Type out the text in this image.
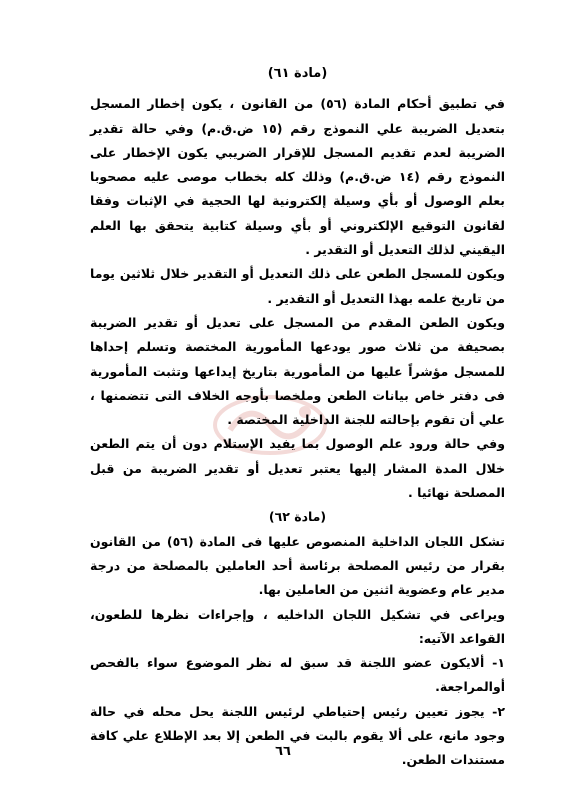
(مادة ٦١)

في تطبيق أحكام المادة (٥٦) من القانون ، يكون إخطار المسجل بتعديل الضريبة علي النموذج رقم (١٥ ض.ق.م) وفي حالة تقدير الضريبة لعدم تقديم المسجل للإقرار الضريبي يكون الإخطار على النموذج رقم (١٤ ض.ق.م) وذلك كله بخطاب موصى عليه مصحوبا بعلم الوصول أو بأي وسيلة إلكترونية لها الحجية في الإثبات وفقا لقانون التوقيع الإلكتروني أو بأي وسيلة كتابية يتحقق بها العلم اليقيني لذلك التعديل أو التقدير .

ويكون للمسجل الطعن على ذلك التعديل أو التقدير خلال ثلاثين يوما من تاريخ علمه بهذا التعديل أو التقدير .

ويكون الطعن المقدم من المسجل على تعديل أو تقدير الضريبة بصحيفة من ثلاث صور يودعها المأمورية المختصة وتسلم إحداها للمسجل مؤشراً عليها من المأمورية بتاريخ إيداعها وتثبت المأمورية فى دفتر خاص بيانات الطعن وملخصا بأوجه الخلاف التى تتضمنها ، علي أن تقوم بإحالته للجنة الداخلية المختصة .

وفي حالة ورود علم الوصول بما يفيد الإستلام دون أن يتم الطعن خلال المدة المشار إليها يعتبر تعديل أو تقدير الضريبة من قبل المصلحة نهائيا .

(مادة ٦٢)

تشكل اللجان الداخلية المنصوص عليها فى المادة (٥٦) من القانون بقرار من رئيس المصلحة برئاسة أحد العاملين بالمصلحة من درجة مدير عام وعضوية اثنين من العاملين بها.

ويراعى في تشكيل اللجان الداخليه ، وإجراءات نظرها للطعون، القواعد الآتيه:

١- ألايكون عضو اللجنة قد سبق له نظر الموضوع سواء بالفحص أوالمراجعة.

٢- يجوز تعيين رئيس إحتياطي لرئيس اللجنة يحل محله في حالة وجود مانع، على ألا يقوم بالبت في الطعن إلا بعد الإطلاع علي كافة مستندات الطعن.

٦٦
